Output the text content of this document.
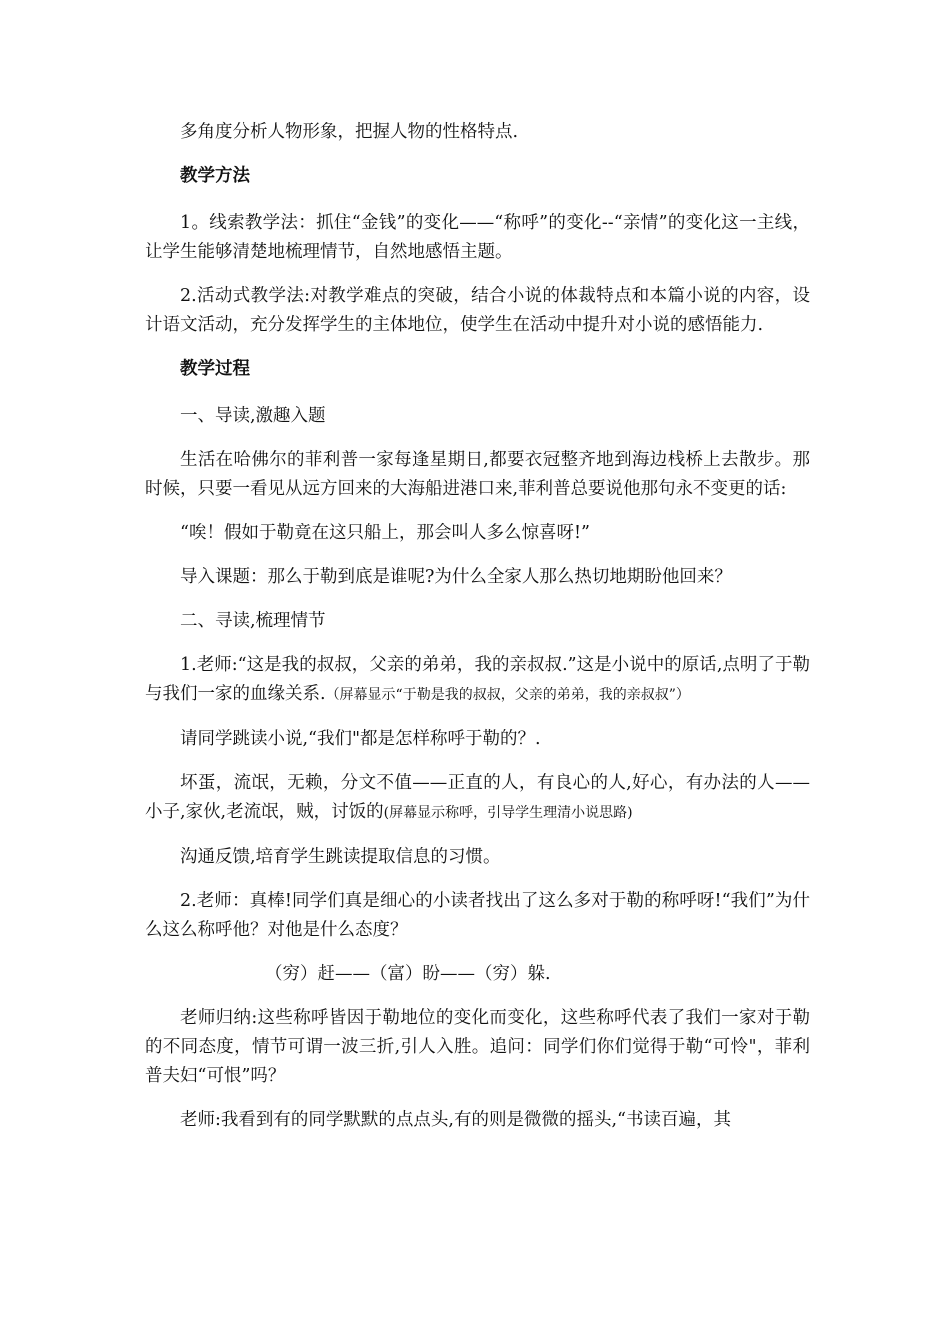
多角度分析人物形象，把握人物的性格特点.

教学方法

1。线索教学法：抓住“金钱”的变化——“称呼”的变化--“亲情”的变化这一主线，让学生能够清楚地梳理情节，自然地感悟主题。

2.活动式教学法:对教学难点的突破，结合小说的体裁特点和本篇小说的内容，设计语文活动，充分发挥学生的主体地位，使学生在活动中提升对小说的感悟能力.

教学过程

一、导读,激趣入题

生活在哈佛尔的菲利普一家每逢星期日,都要衣冠整齐地到海边栈桥上去散步。那时候，只要一看见从远方回来的大海船进港口来,菲利普总要说他那句永不变更的话:

“唉！假如于勒竟在这只船上，那会叫人多么惊喜呀!”

导入课题：那么于勒到底是谁呢?为什么全家人那么热切地期盼他回来？

二、寻读,梳理情节

1.老师:“这是我的叔叔，父亲的弟弟，我的亲叔叔.”这是小说中的原话,点明了于勒与我们一家的血缘关系.（屏幕显示“于勒是我的叔叔，父亲的弟弟，我的亲叔叔”）

请同学跳读小说,“我们"都是怎样称呼于勒的？.

坏蛋，流氓，无赖，分文不值——正直的人，有良心的人,好心，有办法的人——小子,家伙,老流氓，贼，讨饭的(屏幕显示称呼，引导学生理清小说思路)

沟通反馈,培育学生跳读提取信息的习惯。

2.老师：真棒!同学们真是细心的小读者找出了这么多对于勒的称呼呀!“我们”为什么这么称呼他？对他是什么态度？

（穷）赶——（富）盼——（穷）躲.

老师归纳:这些称呼皆因于勒地位的变化而变化，这些称呼代表了我们一家对于勒的不同态度，情节可谓一波三折,引人入胜。追问：同学们你们觉得于勒“可怜"，菲利普夫妇“可恨”吗？

老师:我看到有的同学默默的点点头,有的则是微微的摇头,“书读百遍，其
